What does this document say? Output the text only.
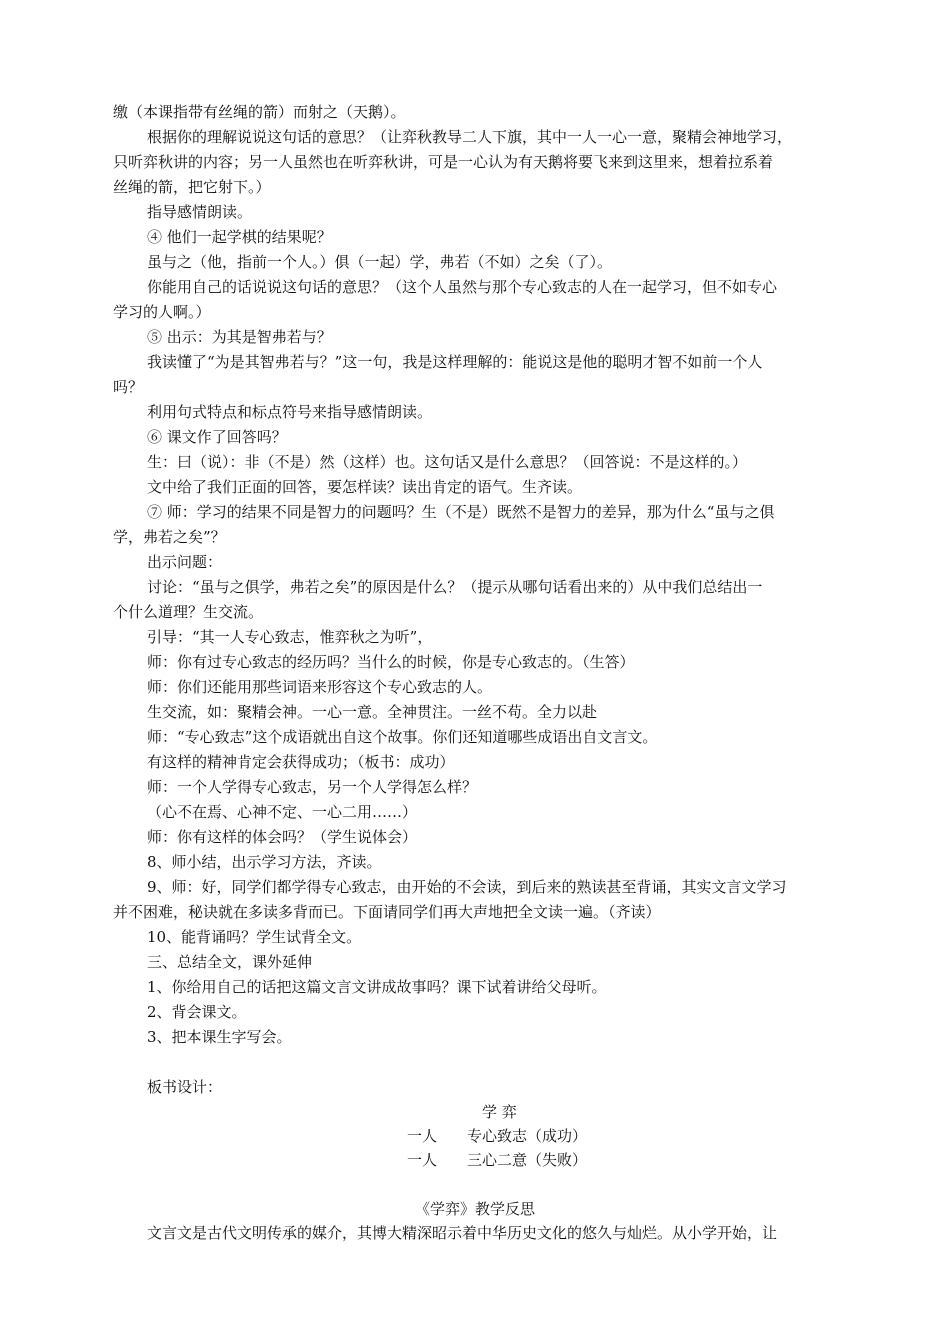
缴（本课指带有丝绳的箭）而射之（天鹅）。
根据你的理解说说这句话的意思？（让弈秋教导二人下旗，其中一人一心一意，聚精会神地学习，
只听弈秋讲的内容；另一人虽然也在听弈秋讲，可是一心认为有天鹅将要飞来到这里来，想着拉系着
丝绳的箭，把它射下。）
指导感情朗读。
④ 他们一起学棋的结果呢？
虽与之（他，指前一个人。）俱（一起）学，弗若（不如）之矣（了）。
你能用自己的话说说这句话的意思？（这个人虽然与那个专心致志的人在一起学习，但不如专心
学习的人啊。）
⑤ 出示：为其是智弗若与？
我读懂了“为是其智弗若与？”这一句，我是这样理解的：能说这是他的聪明才智不如前一个人
吗？
利用句式特点和标点符号来指导感情朗读。
⑥ 课文作了回答吗？
生：曰（说）：非（不是）然（这样）也。这句话又是什么意思？（回答说：不是这样的。）
文中给了我们正面的回答，要怎样读？读出肯定的语气。生齐读。
⑦ 师：学习的结果不同是智力的问题吗？生（不是）既然不是智力的差异，那为什么“虽与之俱
学，弗若之矣”？
出示问题：
讨论：“虽与之俱学，弗若之矣”的原因是什么？（提示从哪句话看出来的）从中我们总结出一
个什么道理？生交流。
引导：“其一人专心致志，惟弈秋之为听”，
师：你有过专心致志的经历吗？当什么的时候，你是专心致志的。（生答）
师：你们还能用那些词语来形容这个专心致志的人。
生交流，如：聚精会神。一心一意。全神贯注。一丝不苟。全力以赴
师：“专心致志”这个成语就出自这个故事。你们还知道哪些成语出自文言文。
有这样的精神肯定会获得成功；（板书：成功）
师：一个人学得专心致志，另一个人学得怎么样？
（心不在焉、心神不定、一心二用……）
师：你有这样的体会吗？（学生说体会）
8、师小结，出示学习方法，齐读。
9、师：好，同学们都学得专心致志，由开始的不会读，到后来的熟读甚至背诵，其实文言文学习
并不困难，秘诀就在多读多背而已。下面请同学们再大声地把全文读一遍。（齐读）
10、能背诵吗？学生试背全文。
三、总结全文，课外延伸
1、你给用自己的话把这篇文言文讲成故事吗？课下试着讲给父母听。
2、背会课文。
3、把本课生字写会。
板书设计：
学 弈
一人 专心致志（成功）
一人 三心二意（失败）
《学弈》教学反思
文言文是古代文明传承的媒介，其博大精深昭示着中华历史文化的悠久与灿烂。从小学开始，让
